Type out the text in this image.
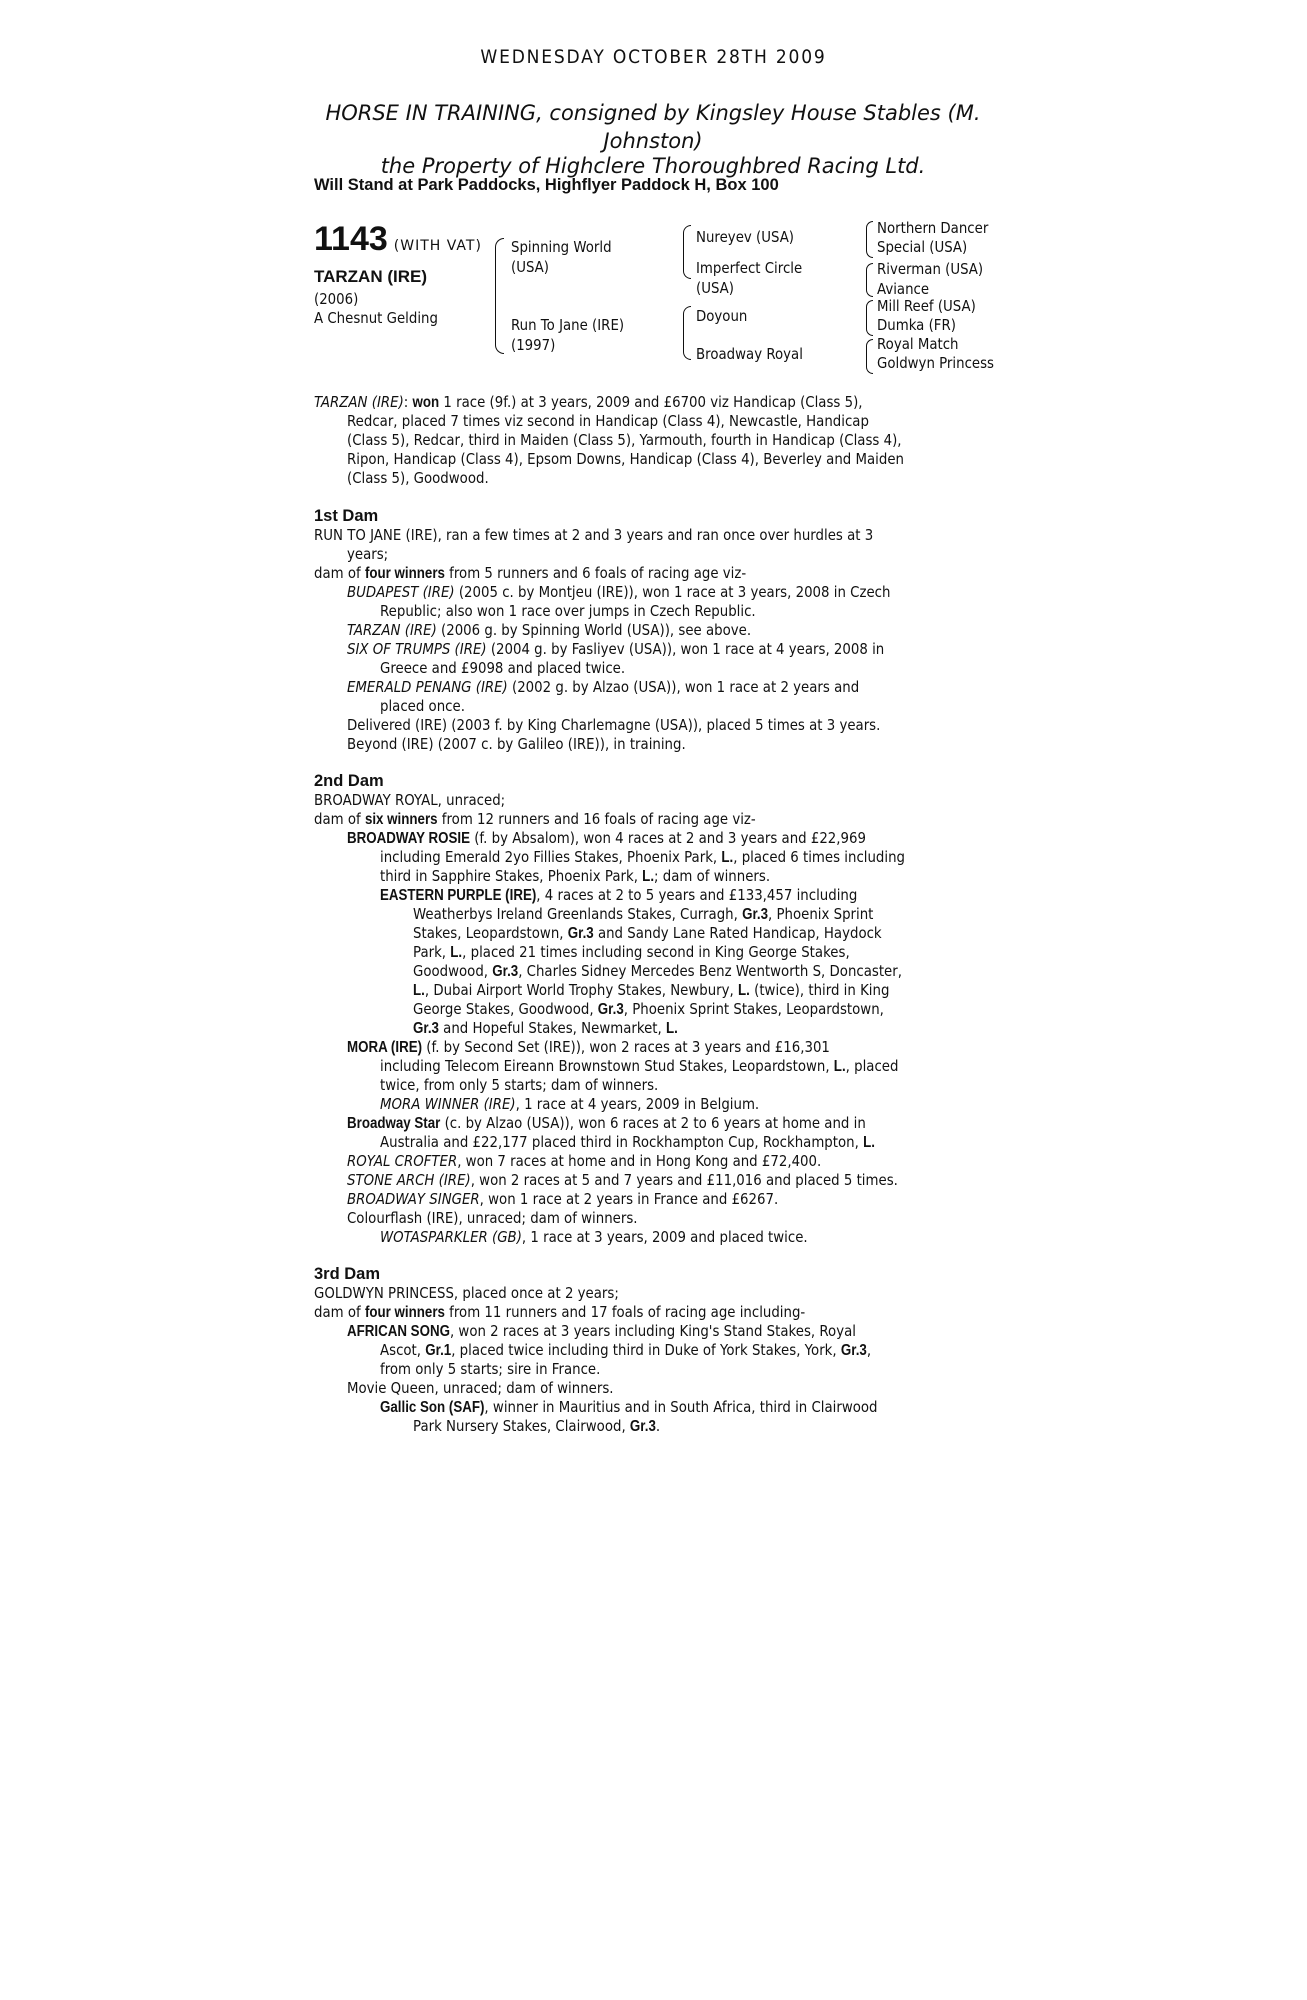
WEDNESDAY OCTOBER 28TH 2009
HORSE IN TRAINING, consigned by Kingsley House Stables (M.
Johnston)
the Property of Highclere Thoroughbred Racing Ltd.
Will Stand at Park Paddocks, Highflyer Paddock H, Box 100
1143 (WITH VAT)
TARZAN (IRE)
(2006)
A Chesnut Gelding
Spinning World
(USA)
Run To Jane (IRE)
(1997)
Nureyev (USA)
Imperfect Circle
(USA)
Doyoun
Broadway Royal
Northern Dancer
Special (USA)
Riverman (USA)
Aviance
Mill Reef (USA)
Dumka (FR)
Royal Match
Goldwyn Princess
TARZAN (IRE): won 1 race (9f.) at 3 years, 2009 and £6700 viz Handicap (Class 5),
Redcar, placed 7 times viz second in Handicap (Class 4), Newcastle, Handicap
(Class 5), Redcar, third in Maiden (Class 5), Yarmouth, fourth in Handicap (Class 4),
Ripon, Handicap (Class 4), Epsom Downs, Handicap (Class 4), Beverley and Maiden
(Class 5), Goodwood.
1st Dam
RUN TO JANE (IRE), ran a few times at 2 and 3 years and ran once over hurdles at 3
years;
dam of four winners from 5 runners and 6 foals of racing age viz-
BUDAPEST (IRE) (2005 c. by Montjeu (IRE)), won 1 race at 3 years, 2008 in Czech
Republic; also won 1 race over jumps in Czech Republic.
TARZAN (IRE) (2006 g. by Spinning World (USA)), see above.
SIX OF TRUMPS (IRE) (2004 g. by Fasliyev (USA)), won 1 race at 4 years, 2008 in
Greece and £9098 and placed twice.
EMERALD PENANG (IRE) (2002 g. by Alzao (USA)), won 1 race at 2 years and
placed once.
Delivered (IRE) (2003 f. by King Charlemagne (USA)), placed 5 times at 3 years.
Beyond (IRE) (2007 c. by Galileo (IRE)), in training.
2nd Dam
BROADWAY ROYAL, unraced;
dam of six winners from 12 runners and 16 foals of racing age viz-
BROADWAY ROSIE (f. by Absalom), won 4 races at 2 and 3 years and £22,969
including Emerald 2yo Fillies Stakes, Phoenix Park, L., placed 6 times including
third in Sapphire Stakes, Phoenix Park, L.; dam of winners.
EASTERN PURPLE (IRE), 4 races at 2 to 5 years and £133,457 including
Weatherbys Ireland Greenlands Stakes, Curragh, Gr.3, Phoenix Sprint
Stakes, Leopardstown, Gr.3 and Sandy Lane Rated Handicap, Haydock
Park, L., placed 21 times including second in King George Stakes,
Goodwood, Gr.3, Charles Sidney Mercedes Benz Wentworth S, Doncaster,
L., Dubai Airport World Trophy Stakes, Newbury, L. (twice), third in King
George Stakes, Goodwood, Gr.3, Phoenix Sprint Stakes, Leopardstown,
Gr.3 and Hopeful Stakes, Newmarket, L.
MORA (IRE) (f. by Second Set (IRE)), won 2 races at 3 years and £16,301
including Telecom Eireann Brownstown Stud Stakes, Leopardstown, L., placed
twice, from only 5 starts; dam of winners.
MORA WINNER (IRE), 1 race at 4 years, 2009 in Belgium.
Broadway Star (c. by Alzao (USA)), won 6 races at 2 to 6 years at home and in
Australia and £22,177 placed third in Rockhampton Cup, Rockhampton, L.
ROYAL CROFTER, won 7 races at home and in Hong Kong and £72,400.
STONE ARCH (IRE), won 2 races at 5 and 7 years and £11,016 and placed 5 times.
BROADWAY SINGER, won 1 race at 2 years in France and £6267.
Colourflash (IRE), unraced; dam of winners.
WOTASPARKLER (GB), 1 race at 3 years, 2009 and placed twice.
3rd Dam
GOLDWYN PRINCESS, placed once at 2 years;
dam of four winners from 11 runners and 17 foals of racing age including-
AFRICAN SONG, won 2 races at 3 years including King's Stand Stakes, Royal
Ascot, Gr.1, placed twice including third in Duke of York Stakes, York, Gr.3,
from only 5 starts; sire in France.
Movie Queen, unraced; dam of winners.
Gallic Son (SAF), winner in Mauritius and in South Africa, third in Clairwood
Park Nursery Stakes, Clairwood, Gr.3.
